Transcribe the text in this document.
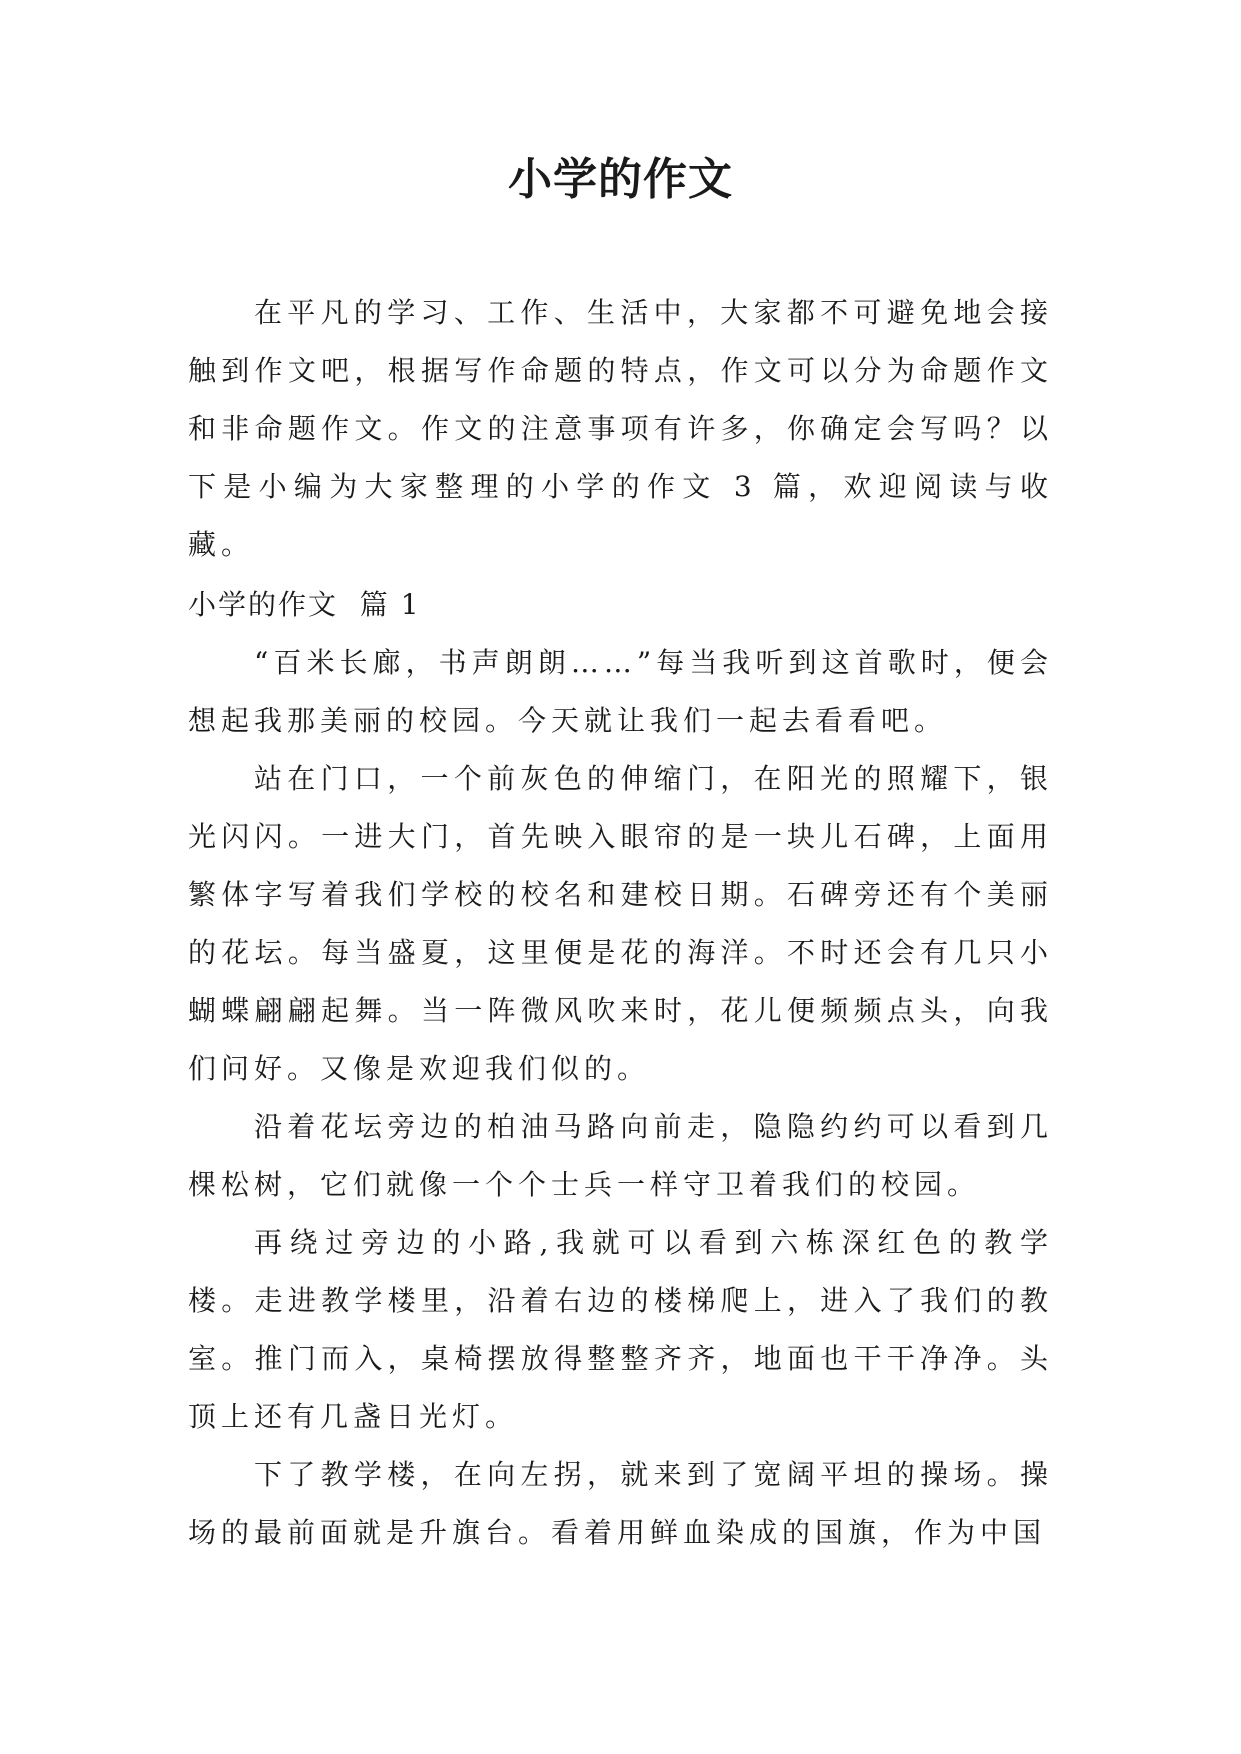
小学的作文

在平凡的学习、工作、生活中，大家都不可避免地会接触到作文吧，根据写作命题的特点，作文可以分为命题作文和非命题作文。作文的注意事项有许多，你确定会写吗？以下是小编为大家整理的小学的作文 3 篇，欢迎阅读与收藏。

小学的作文  篇 1

“百米长廊，书声朗朗……”每当我听到这首歌时，便会想起我那美丽的校园。今天就让我们一起去看看吧。

站在门口，一个前灰色的伸缩门，在阳光的照耀下，银光闪闪。一进大门，首先映入眼帘的是一块儿石碑，上面用繁体字写着我们学校的校名和建校日期。石碑旁还有个美丽的花坛。每当盛夏，这里便是花的海洋。不时还会有几只小蝴蝶翩翩起舞。当一阵微风吹来时，花儿便频频点头，向我们问好。又像是欢迎我们似的。

沿着花坛旁边的柏油马路向前走，隐隐约约可以看到几棵松树，它们就像一个个士兵一样守卫着我们的校园。

再绕过旁边的小路,我就可以看到六栋深红色的教学楼。走进教学楼里，沿着右边的楼梯爬上，进入了我们的教室。推门而入，桌椅摆放得整整齐齐，地面也干干净净。头顶上还有几盏日光灯。

下了教学楼，在向左拐，就来到了宽阔平坦的操场。操场的最前面就是升旗台。看着用鲜血染成的国旗，作为中国
